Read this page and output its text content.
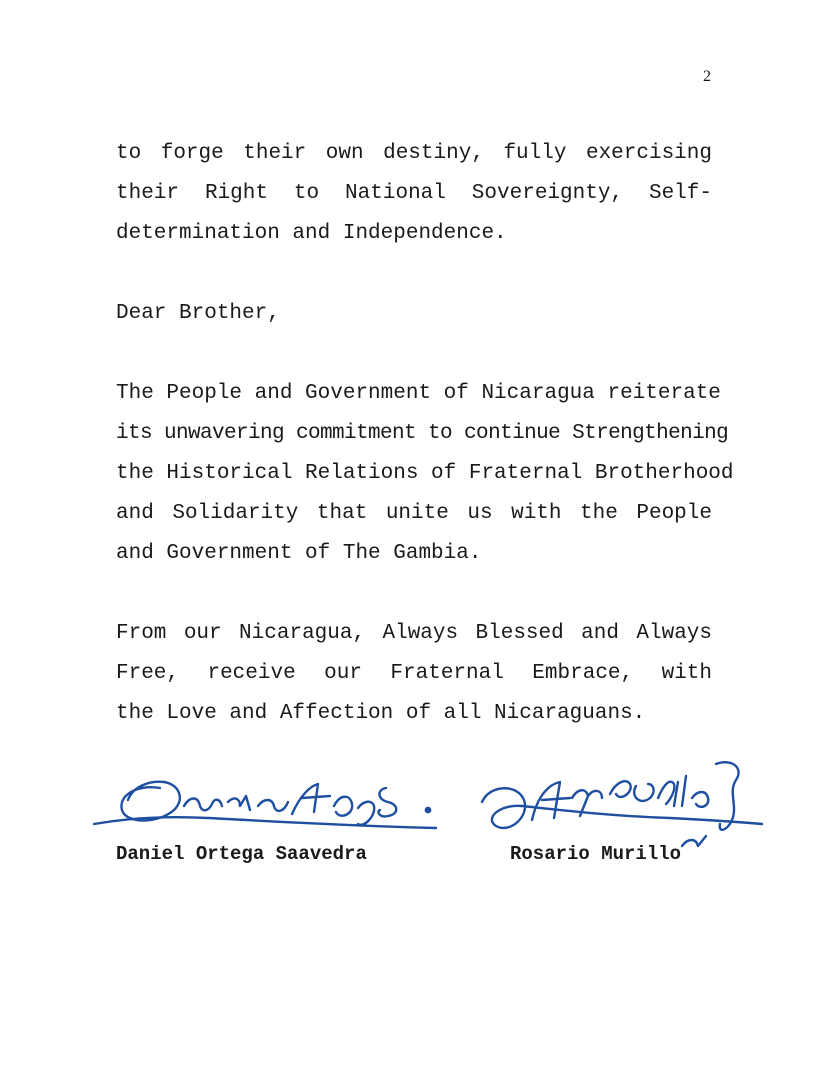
2
to forge their own destiny, fully exercising
their Right to National Sovereignty, Self-
determination and Independence.
Dear Brother,
The People and Government of Nicaragua reiterate
its unwavering commitment to continue Strengthening
the Historical Relations of Fraternal Brotherhood
and Solidarity that unite us with the People
and Government of The Gambia.
From our Nicaragua, Always Blessed and Always
Free, receive our Fraternal Embrace, with
the Love and Affection of all Nicaraguans.
Daniel Ortega Saavedra	Rosario Murillo
